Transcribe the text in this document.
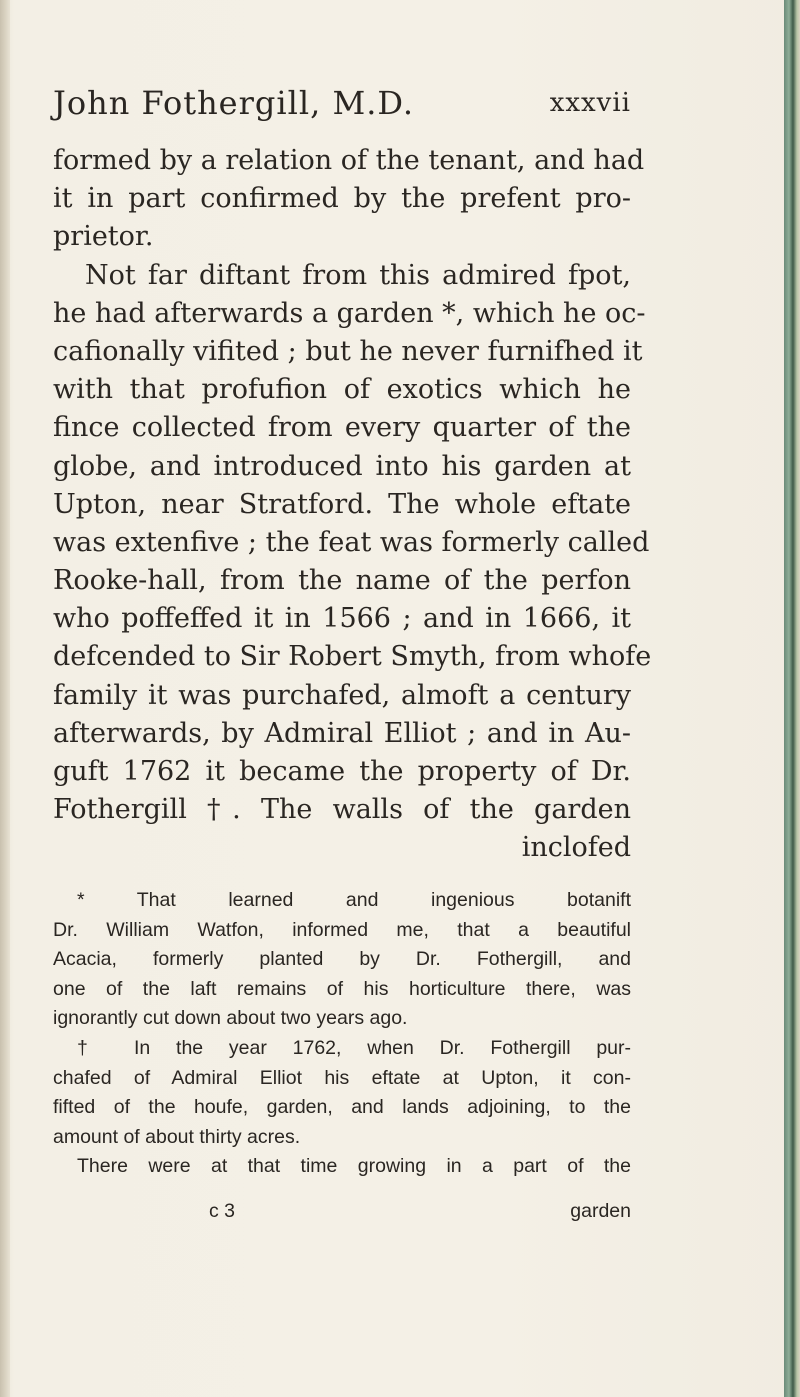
John Fothergill, M.D.	xxxvii
formed by a relation of the tenant, and had
it in part confirmed by the prefent pro-
prietor.
Not far diftant from this admired fpot,
he had afterwards a garden *, which he oc-
cafionally vifited ; but he never furnifhed it
with that profufion of exotics which he
fince collected from every quarter of the
globe, and introduced into his garden at
Upton, near Stratford. The whole eftate
was extenfive ; the feat was formerly called
Rooke-hall, from the name of the perfon
who poffeffed it in 1566 ; and in 1666, it
defcended to Sir Robert Smyth, from whofe
family it was purchafed, almoft a century
afterwards, by Admiral Elliot ; and in Au-
guft 1762 it became the property of Dr.
Fothergill †. The walls of the garden
inclofed
* That learned and ingenious botanift
Dr. William Watfon, informed me, that a beautiful
Acacia, formerly planted by Dr. Fothergill, and
one of the laft remains of his horticulture there, was
ignorantly cut down about two years ago.
† In the year 1762, when Dr. Fothergill pur-
chafed of Admiral Elliot his eftate at Upton, it con-
fifted of the houfe, garden, and lands adjoining, to the
amount of about thirty acres.
There were at that time growing in a part of the
c 3	garden
